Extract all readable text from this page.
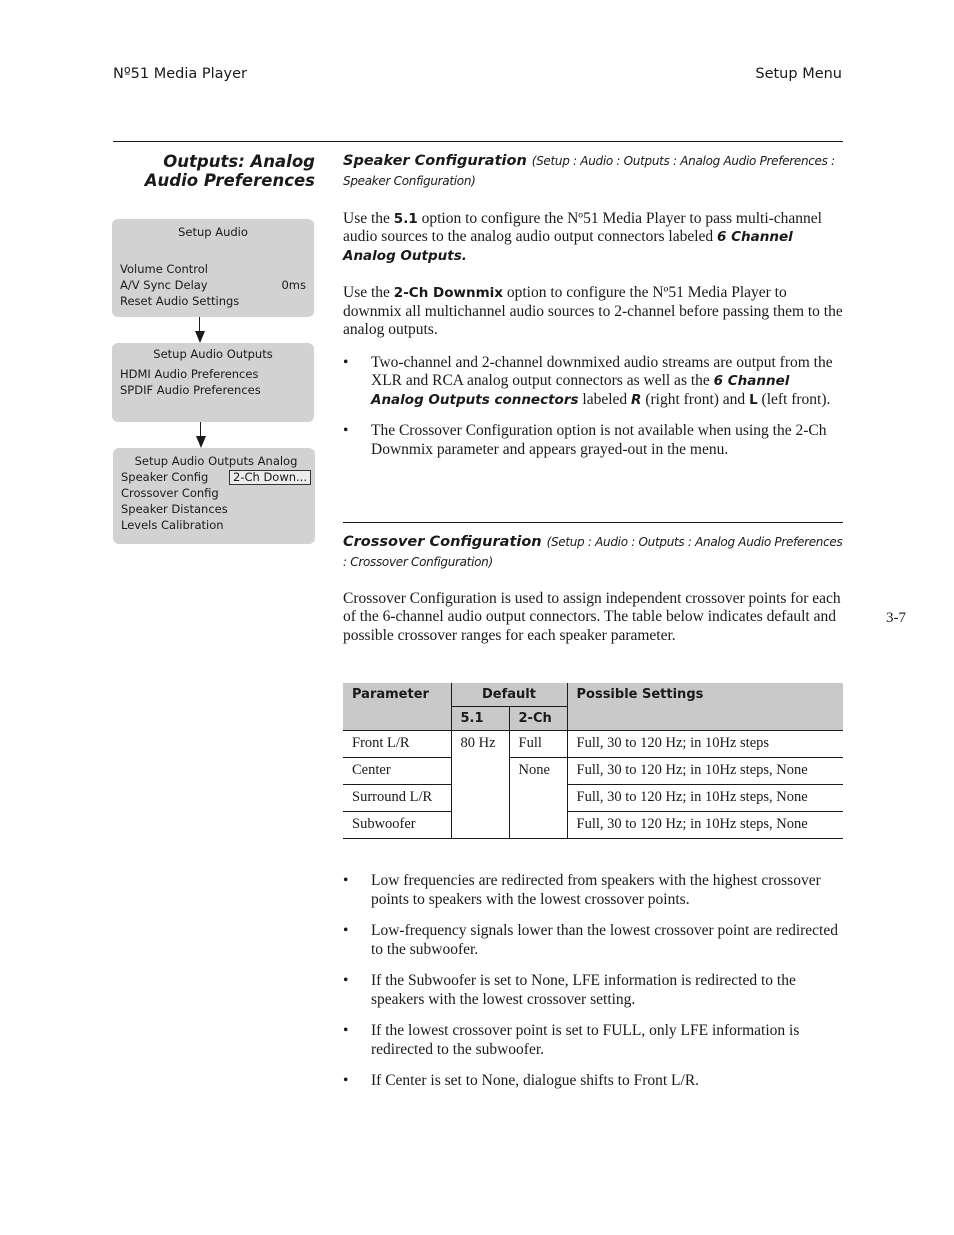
Nº51 Media Player	Setup Menu
Outputs: Analog
Audio Preferences
Setup Audio
Volume Control
A/V Sync Delay	0ms
Reset Audio Settings
Setup Audio Outputs
HDMI Audio Preferences
SPDIF Audio Preferences
Setup Audio Outputs Analog
Speaker Config	2-Ch Down...
Crossover Config
Speaker Distances
Levels Calibration
Speaker Configuration (Setup : Audio : Outputs : Analog Audio Preferences : Speaker Configuration)

Use the 5.1 option to configure the Nº51 Media Player to pass multi-channel audio sources to the analog audio output connectors labeled 6 Channel Analog Outputs.

Use the 2-Ch Downmix option to configure the Nº51 Media Player to downmix all multichannel audio sources to 2-channel before passing them to the analog outputs.

•	Two-channel and 2-channel downmixed audio streams are output from the XLR and RCA analog output connectors as well as the 6 Channel Analog Outputs connectors labeled R (right front) and L (left front).
•	The Crossover Configuration option is not available when using the 2-Ch Downmix parameter and appears grayed-out in the menu.
Crossover Configuration (Setup : Audio : Outputs : Analog Audio Preferences : Crossover Configuration)

Crossover Configuration is used to assign independent crossover points for each of the 6-channel audio output connectors. The table below indicates default and possible crossover ranges for each speaker parameter.

Parameter	Default		Possible Settings
	5.1	2-Ch	
Front L/R	80 Hz	Full	Full, 30 to 120 Hz; in 10Hz steps
Center		None	Full, 30 to 120 Hz; in 10Hz steps, None
Surround L/R			Full, 30 to 120 Hz; in 10Hz steps, None
Subwoofer			Full, 30 to 120 Hz; in 10Hz steps, None
•	Low frequencies are redirected from speakers with the highest crossover points to speakers with the lowest crossover points.
•	Low-frequency signals lower than the lowest crossover point are redirected to the subwoofer.
•	If the Subwoofer is set to None, LFE information is redirected to the speakers with the lowest crossover setting.
•	If the lowest crossover point is set to FULL, only LFE information is redirected to the subwoofer.
•	If Center is set to None, dialogue shifts to Front L/R.
3-7
